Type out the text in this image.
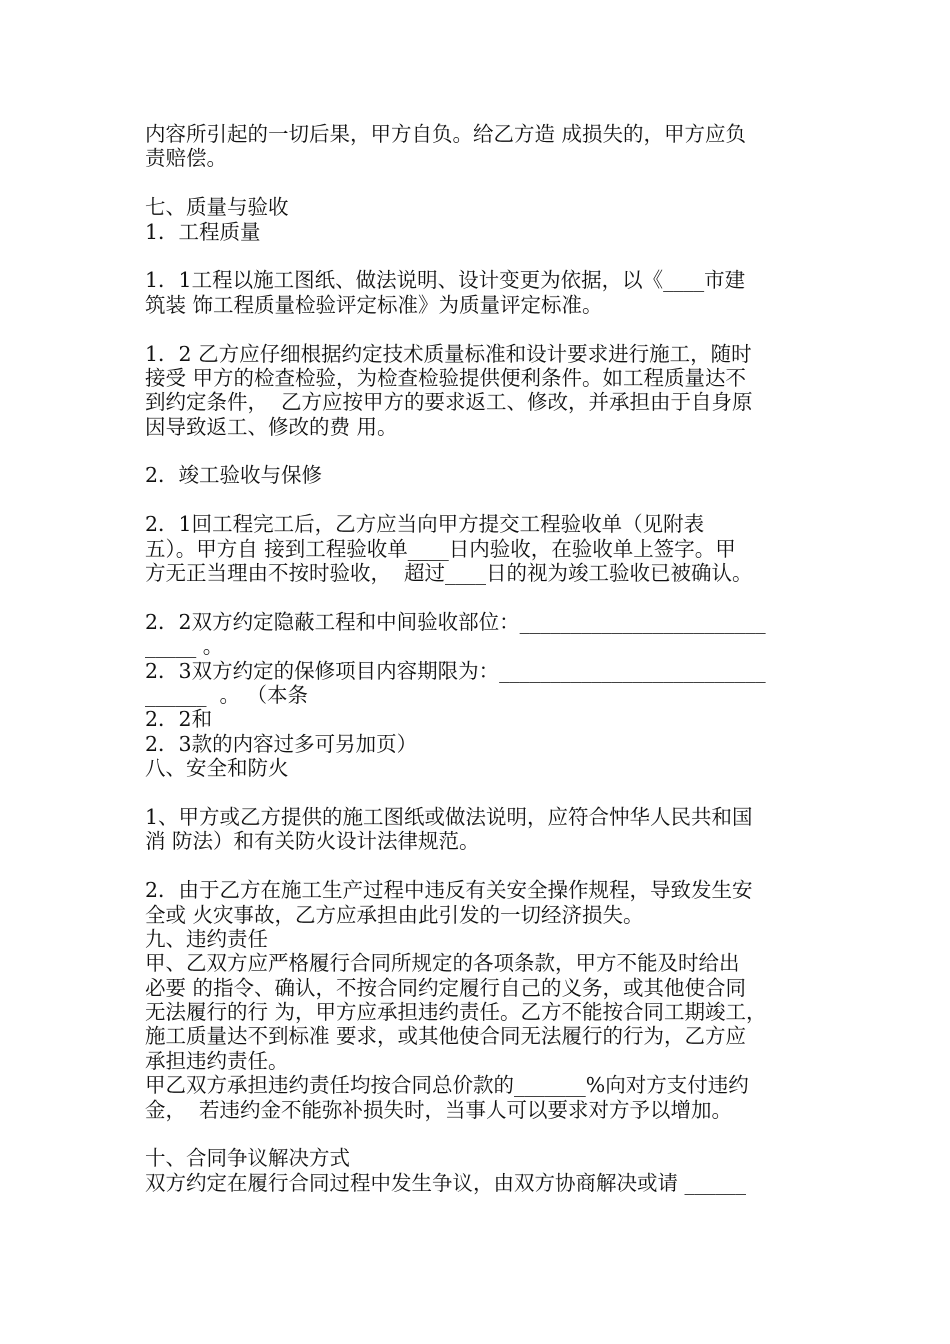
内容所引起的一切后果，甲方自负。给乙方造 成损失的，甲方应负
责赔偿。
七、质量与验收
1．工程质量
1．1工程以施工图纸、做法说明、设计变更为依据，以《____市建
筑装 饰工程质量检验评定标准》为质量评定标准。
1．2 乙方应仔细根据约定技术质量标准和设计要求进行施工，随时
接受 甲方的检查检验，为检查检验提供便利条件。如工程质量达不
到约定条件，  乙方应按甲方的要求返工、修改，并承担由于自身原
因导致返工、修改的费 用。
2．竣工验收与保修
2．1回工程完工后，乙方应当向甲方提交工程验收单（见附表
五）。甲方自 接到工程验收单____日内验收，在验收单上签字。甲
方无正当理由不按时验收，  超过____日的视为竣工验收已被确认。
2．2双方约定隐蔽工程和中间验收部位：________________________
_____ 。
2．3双方约定的保修项目内容期限为：__________________________
______  。 （本条
2．2和
2．3款的内容过多可另加页）
八、安全和防火
1、甲方或乙方提供的施工图纸或做法说明，应符合忡华人民共和国
消 防法）和有关防火设计法律规范。
2．由于乙方在施工生产过程中违反有关安全操作规程，导致发生安
全或 火灾事故，乙方应承担由此引发的一切经济损失。
九、违约责任
甲、乙双方应严格履行合同所规定的各项条款，甲方不能及时给出
必要 的指令、确认，不按合同约定履行自己的义务，或其他使合同
无法履行的行 为，甲方应承担违约责任。乙方不能按合同工期竣工，
施工质量达不到标准 要求，或其他使合同无法履行的行为，乙方应
承担违约责任。
甲乙双方承担违约责任均按合同总价款的_______%向对方支付违约
金，  若违约金不能弥补损失时，当事人可以要求对方予以增加。
十、合同争议解决方式
双方约定在履行合同过程中发生争议，由双方协商解决或请 ______
